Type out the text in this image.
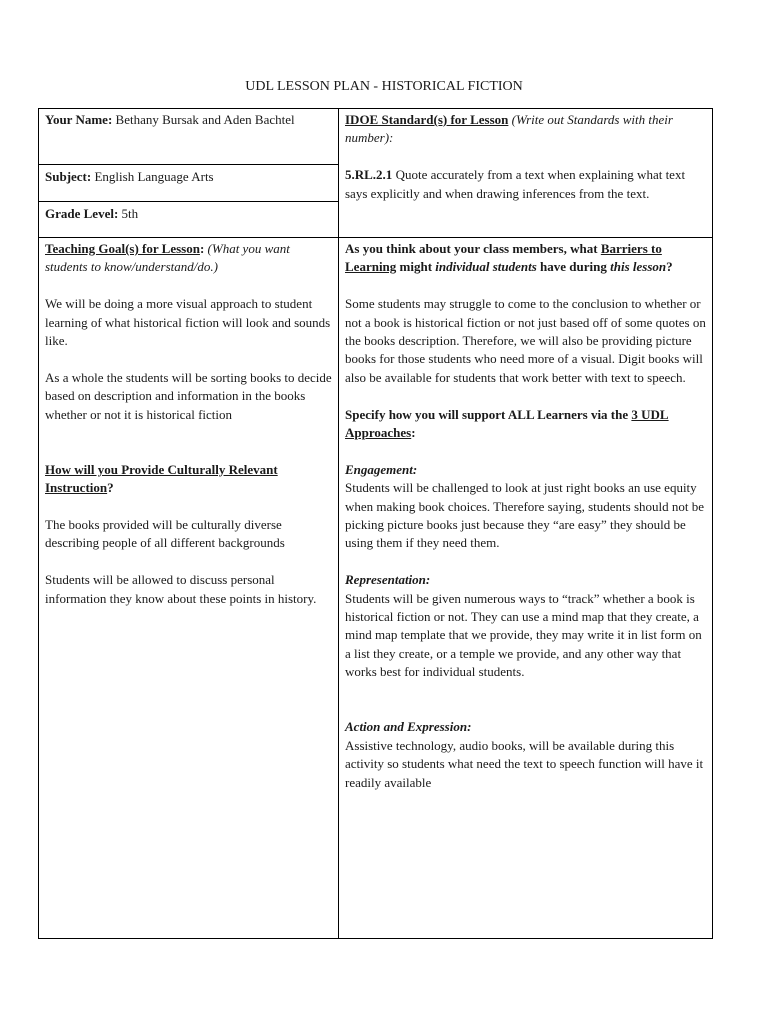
UDL LESSON PLAN - HISTORICAL FICTION
Your Name: Bethany Bursak and Aden Bachtel
Subject: English Language Arts
Grade Level: 5th

IDOE Standard(s) for Lesson (Write out Standards with their number):

5.RL.2.1 Quote accurately from a text when explaining what text says explicitly and when drawing inferences from the text.

Teaching Goal(s) for Lesson: (What you want students to know/understand/do.)

We will be doing a more visual approach to student learning of what historical fiction will look and sounds like.

As a whole the students will be sorting books to decide based on description and information in the books whether or not it is historical fiction

How will you Provide Culturally Relevant Instruction?

The books provided will be culturally diverse describing people of all different backgrounds

Students will be allowed to discuss personal information they know about these points in history.

As you think about your class members, what Barriers to Learning might individual students have during this lesson?

Some students may struggle to come to the conclusion to whether or not a book is historical fiction or not just based off of some quotes on the books description. Therefore, we will also be providing picture books for those students who need more of a visual. Digit books will also be available for students that work better with text to speech.

Specify how you will support ALL Learners via the 3 UDL Approaches:

Engagement:

Students will be challenged to look at just right books an use equity when making book choices. Therefore saying, students should not be picking picture books just because they “are easy” they should be using them if they need them.

Representation:

Students will be given numerous ways to “track” whether a book is historical fiction or not. They can use a mind map that they create, a mind map template that we provide, they may write it in list form on a list they create, or a temple we provide, and any other way that works best for individual students.

Action and Expression:

Assistive technology, audio books, will be available during this activity so students what need the text to speech function will have it readily available
